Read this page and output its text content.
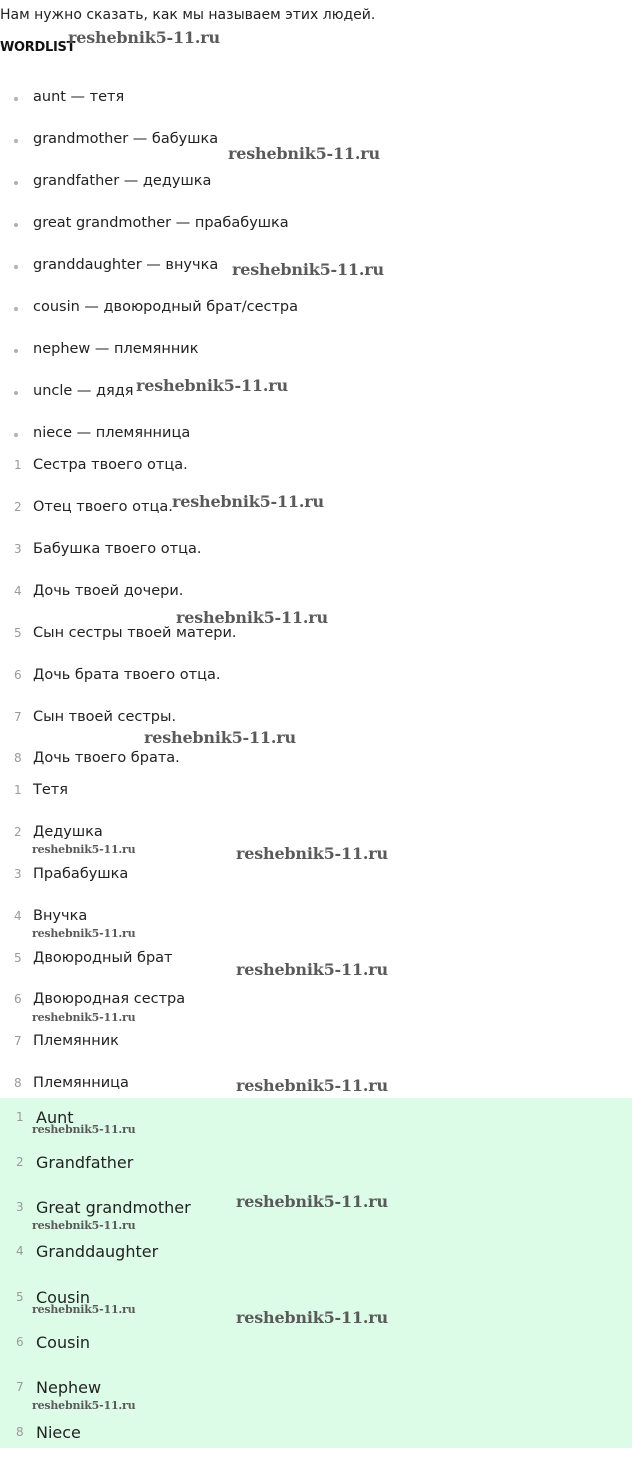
Нам нужно сказать, как мы называем этих людей.
WORDLIST
aunt — тетя
grandmother — бабушка
grandfather — дедушка
great grandmother — прабабушка
granddaughter — внучка
cousin — двоюродный брат/сестра
nephew — племянник
uncle — дядя
niece — племянница
1 Сестра твоего отца.
2 Отец твоего отца.
3 Бабушка твоего отца.
4 Дочь твоей дочери.
5 Сын сестры твоей матери.
6 Дочь брата твоего отца.
7 Сын твоей сестры.
8 Дочь твоего брата.
1 Тетя
2 Дедушка
3 Прабабушка
4 Внучка
5 Двоюродный брат
6 Двоюродная сестра
7 Племянник
8 Племянница
1 Aunt
2 Grandfather
3 Great grandmother
4 Granddaughter
5 Cousin
6 Cousin
7 Nephew
8 Niece
reshebnik5-11.ru
reshebnik5-11.ru
reshebnik5-11.ru
reshebnik5-11.ru
reshebnik5-11.ru
reshebnik5-11.ru
reshebnik5-11.ru
reshebnik5-11.ru
reshebnik5-11.ru
reshebnik5-11.ru
reshebnik5-11.ru
reshebnik5-11.ru
reshebnik5-11.ru
reshebnik5-11.ru
reshebnik5-11.ru
reshebnik5-11.ru
reshebnik5-11.ru	reshebnik5-11.ru
reshebnik5-11.ru
